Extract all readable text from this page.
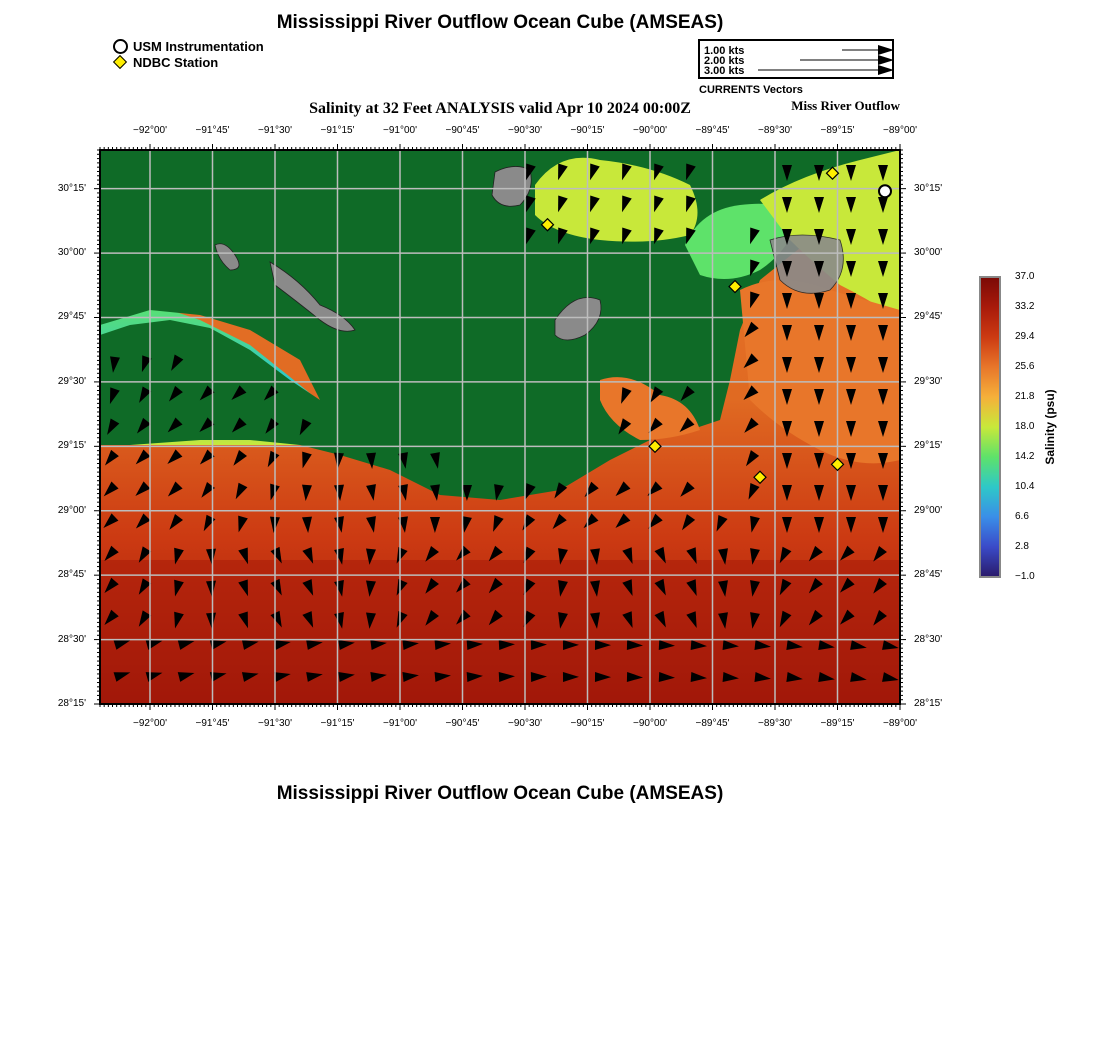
Mississippi River Outflow Ocean Cube (AMSEAS)
Mississippi River Outflow Ocean Cube (AMSEAS)
USM Instrumentation
NDBC Station
1.00 kts
2.00 kts
3.00 kts
CURRENTS Vectors
Salinity at 32 Feet ANALYSIS valid Apr 10 2024 00:00Z	Miss River Outflow
−92°00'	−91°45'	−91°30'	−91°15'	−91°00'	−90°45'	−90°30'	−90°15'	−90°00'	−89°45'	−89°30'	−89°15'	−89°00'
−92°00'	−91°45'	−91°30'	−91°15'	−91°00'	−90°45'	−90°30'	−90°15'	−90°00'	−89°45'	−89°30'	−89°15'	−89°00'
30°15'
30°00'
29°45'
29°30'
29°15'
29°00'
28°45'
28°30'
28°15'
30°15'
30°00'
29°45'
29°30'
29°15'
29°00'
28°45'
28°30'
28°15'
37.0
33.2
29.4
25.6
21.8
18.0
14.2
10.4
6.6
2.8
−1.0
Salinity (psu)
